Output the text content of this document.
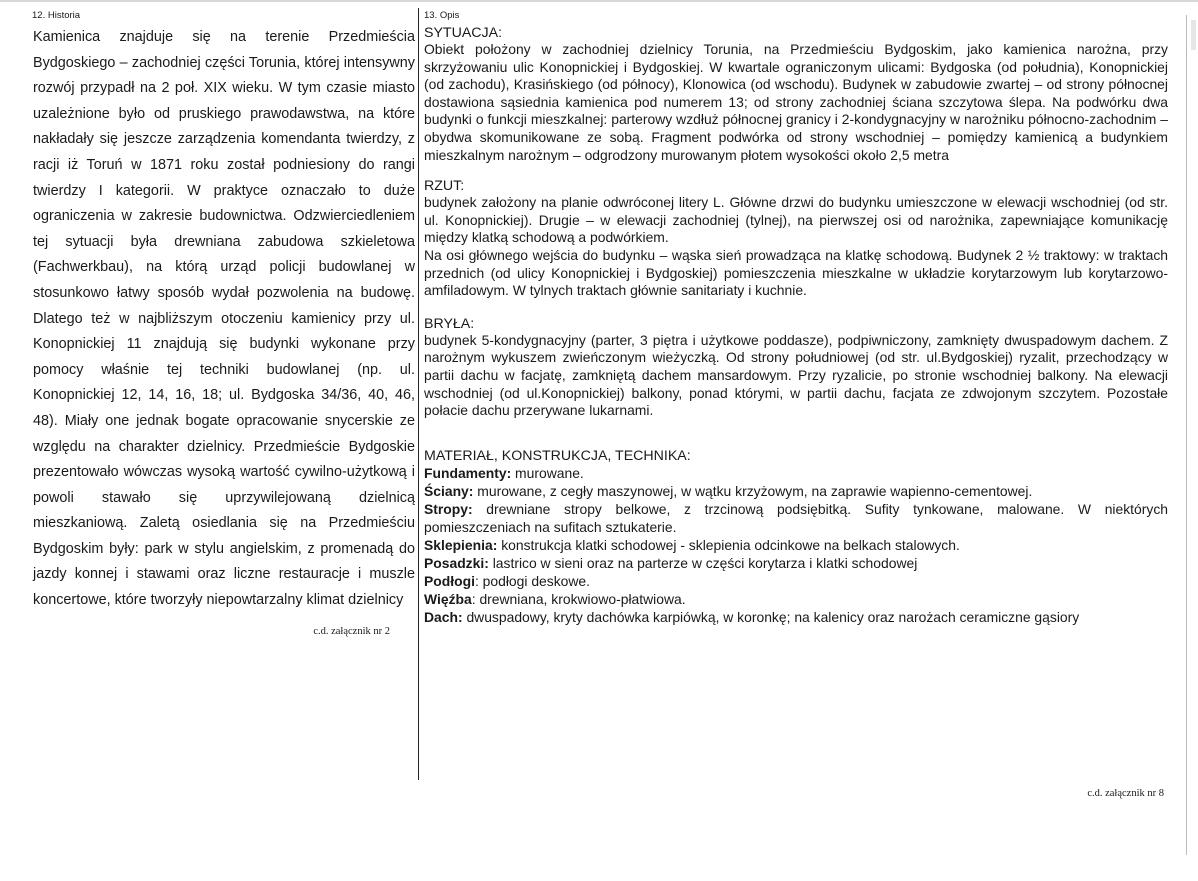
12. Historia

Kamienica znajduje się na terenie Przedmieścia Bydgoskiego – zachodniej części Torunia, której intensywny rozwój przypadł na 2 poł. XIX wieku. W tym czasie miasto uzależnione było od pruskiego prawodawstwa, na które nakładały się jeszcze zarządzenia komendanta twierdzy, z racji iż Toruń w 1871 roku został podniesiony do rangi twierdzy I kategorii. W praktyce oznaczało to duże ograniczenia w zakresie budownictwa. Odzwierciedleniem tej sytuacji była drewniana zabudowa szkieletowa (Fachwerkbau), na którą urząd policji budowlanej w stosunkowo łatwy sposób wydał pozwolenia na budowę. Dlatego też w najbliższym otoczeniu kamienicy przy ul. Konopnickiej 11 znajdują się budynki wykonane przy pomocy właśnie tej techniki budowlanej (np. ul. Konopnickiej 12, 14, 16, 18; ul. Bydgoska 34/36, 40, 46, 48). Miały one jednak bogate opracowanie snycerskie ze względu na charakter dzielnicy. Przedmieście Bydgoskie prezentowało wówczas wysoką wartość cywilno-użytkową i powoli stawało się uprzywilejowaną dzielnicą mieszkaniową. Zaletą osiedlania się na Przedmieściu Bydgoskim były: park w stylu angielskim, z promenadą do jazdy konnej i stawami oraz liczne restauracje i muszle koncertowe, które tworzyły niepowtarzalny klimat dzielnicy

c.d. załącznik nr 2

13. Opis

SYTUACJA:

Obiekt położony w zachodniej dzielnicy Torunia, na Przedmieściu Bydgoskim, jako kamienica narożna, przy skrzyżowaniu ulic Konopnickiej i Bydgoskiej. W kwartale ograniczonym ulicami: Bydgoska (od południa), Konopnickiej (od zachodu), Krasińskiego (od północy), Klonowica (od wschodu). Budynek w zabudowie zwartej – od strony północnej dostawiona sąsiednia kamienica pod numerem 13; od strony zachodniej ściana szczytowa ślepa. Na podwórku dwa budynki o funkcji mieszkalnej: parterowy wzdłuż północnej granicy i 2-kondygnacyjny w narożniku północno-zachodnim – obydwa skomunikowane ze sobą. Fragment podwórka od strony wschodniej – pomiędzy kamienicą a budynkiem mieszkalnym narożnym – odgrodzony murowanym płotem wysokości około 2,5 metra

RZUT:

budynek założony na planie odwróconej litery L. Główne drzwi do budynku umieszczone w elewacji wschodniej (od str. ul. Konopnickiej). Drugie – w elewacji zachodniej (tylnej), na pierwszej osi od narożnika, zapewniające komunikację między klatką schodową a podwórkiem.

Na osi głównego wejścia do budynku – wąska sień prowadząca na klatkę schodową. Budynek 2 ½ traktowy: w traktach przednich (od ulicy Konopnickiej i Bydgoskiej) pomieszczenia mieszkalne w układzie korytarzowym lub korytarzowo-amfiladowym. W tylnych traktach głównie sanitariaty i kuchnie.

BRYŁA:

budynek 5-kondygnacyjny (parter, 3 piętra i użytkowe poddasze), podpiwniczony, zamknięty dwuspadowym dachem. Z narożnym wykuszem zwieńczonym wieżyczką. Od strony południowej (od str. ul.Bydgoskiej) ryzalit, przechodzący w partii dachu w facjatę, zamkniętą dachem mansardowym. Przy ryzalicie, po stronie wschodniej balkony. Na elewacji wschodniej (od ul.Konopnickiej) balkony, ponad którymi, w partii dachu, facjata ze zdwojonym szczytem. Pozostałe połacie dachu przerywane lukarnami.

MATERIAŁ, KONSTRUKCJA, TECHNIKA:

Fundamenty: murowane.

Ściany: murowane, z cegły maszynowej, w wątku krzyżowym, na zaprawie wapienno-cementowej.

Stropy: drewniane stropy belkowe, z trzcinową podsiębitką. Sufity tynkowane, malowane. W niektórych pomieszczeniach na sufitach sztukaterie.

Sklepienia: konstrukcja klatki schodowej - sklepienia odcinkowe na belkach stalowych.

Posadzki: lastrico w sieni oraz na parterze w części korytarza i klatki schodowej

Podłogi: podłogi deskowe.

Więźba: drewniana, krokwiowo-płatwiowa.

Dach: dwuspadowy, kryty dachówka karpiówką, w koronkę; na kalenicy oraz narożach ceramiczne gąsiory

c.d. załącznik nr 8
